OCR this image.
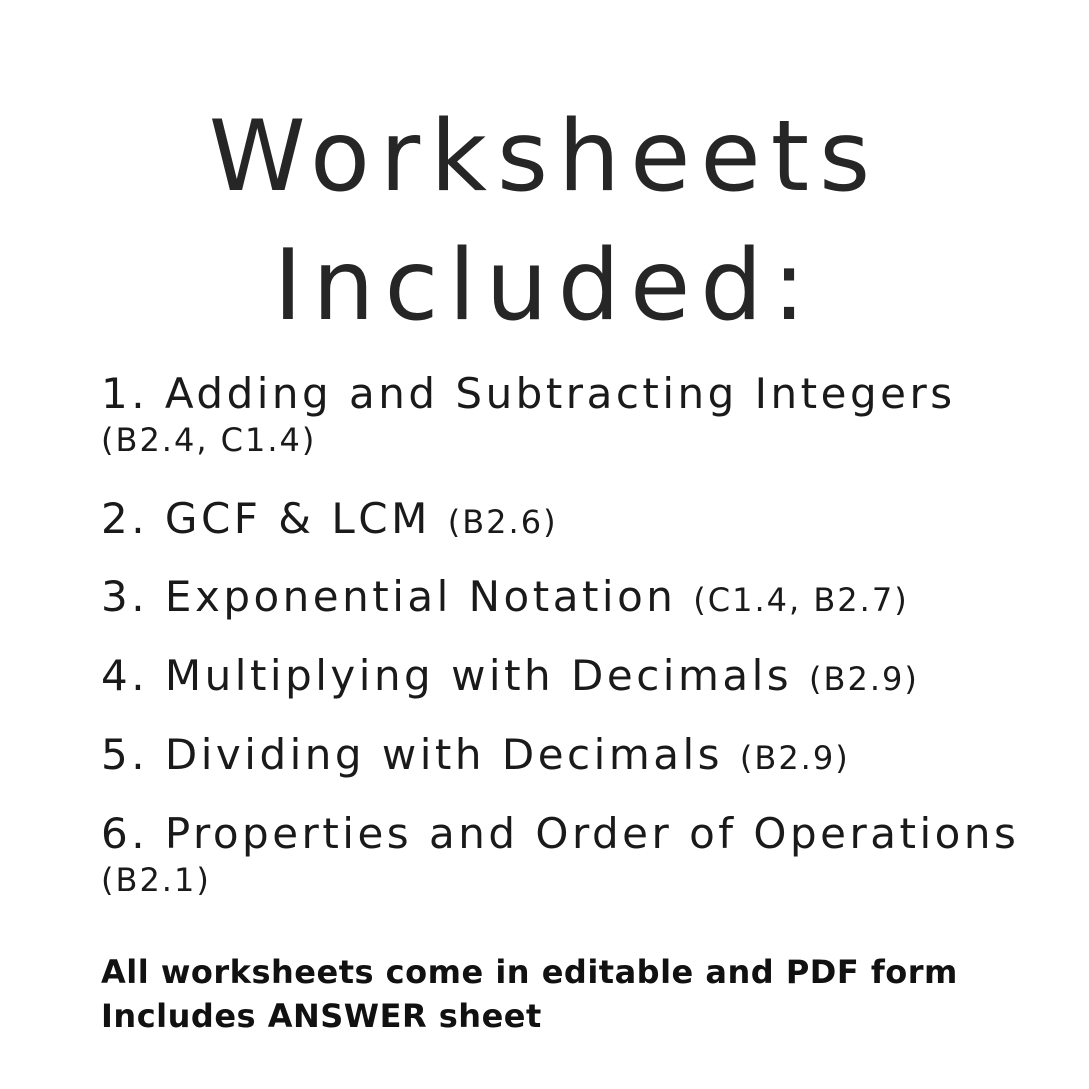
Worksheets
Included:
1. Adding and Subtracting Integers
(B2.4, C1.4)
2. GCF & LCM (B2.6)
3. Exponential Notation (C1.4, B2.7)
4. Multiplying with Decimals (B2.9)
5. Dividing with Decimals (B2.9)
6. Properties and Order of Operations
(B2.1)
All worksheets come in editable and PDF form
Includes ANSWER sheet
